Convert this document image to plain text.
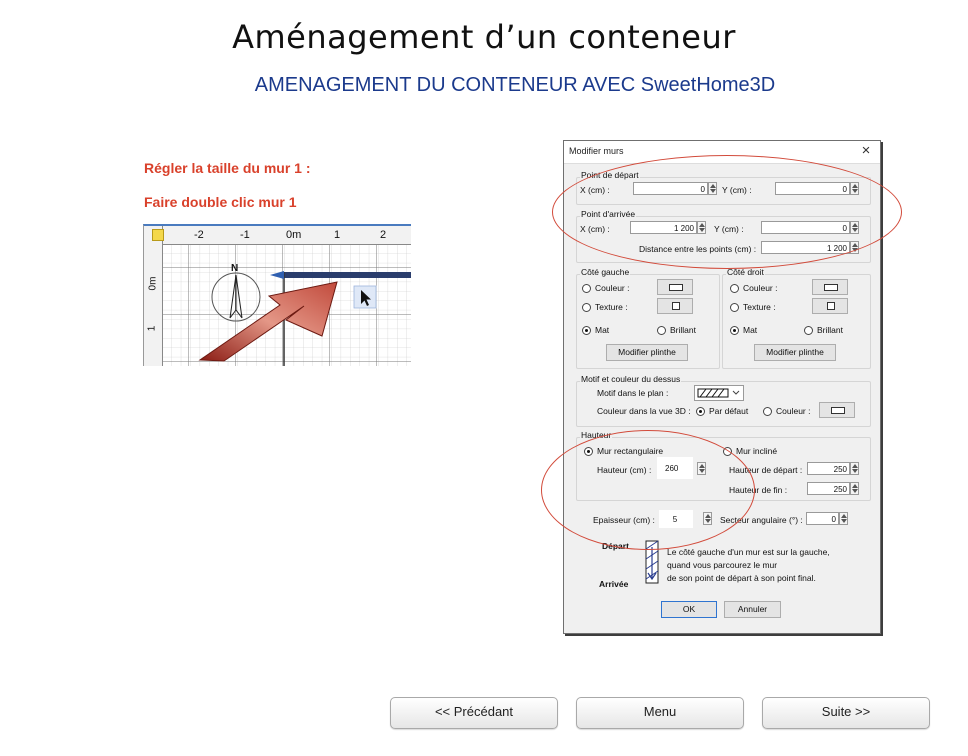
Aménagement d’un conteneur
AMENAGEMENT DU CONTENEUR AVEC SweetHome3D
Régler la taille du mur 1 :
Faire double clic mur 1
-2	-1	0m	1	2
0m
1
N
Modifier murs	×
Point de départ
X (cm) :	0	Y (cm) :	0
Point d'arrivée
X (cm) :	1 200	Y (cm) :	0
Distance entre les points (cm) :	1 200
Côté gauche
Couleur :
Texture :
Mat	Brillant
Modifier plinthe
Côté droit
Couleur :
Texture :
Mat	Brillant
Modifier plinthe
Motif et couleur du dessus
Motif dans le plan :
Couleur dans la vue 3D : Par défaut	Couleur :
Hauteur
Mur rectangulaire	Mur incliné
Hauteur (cm) :	260	Hauteur de départ :	250
Hauteur de fin :	250
Epaisseur (cm) :	5	Secteur angulaire (°) :	0
Départ
Arrivée
Le côté gauche d'un mur est sur la gauche,
quand vous parcourez le mur
de son point de départ à son point final.
OK	Annuler
<< Précédant	Menu	Suite >>
